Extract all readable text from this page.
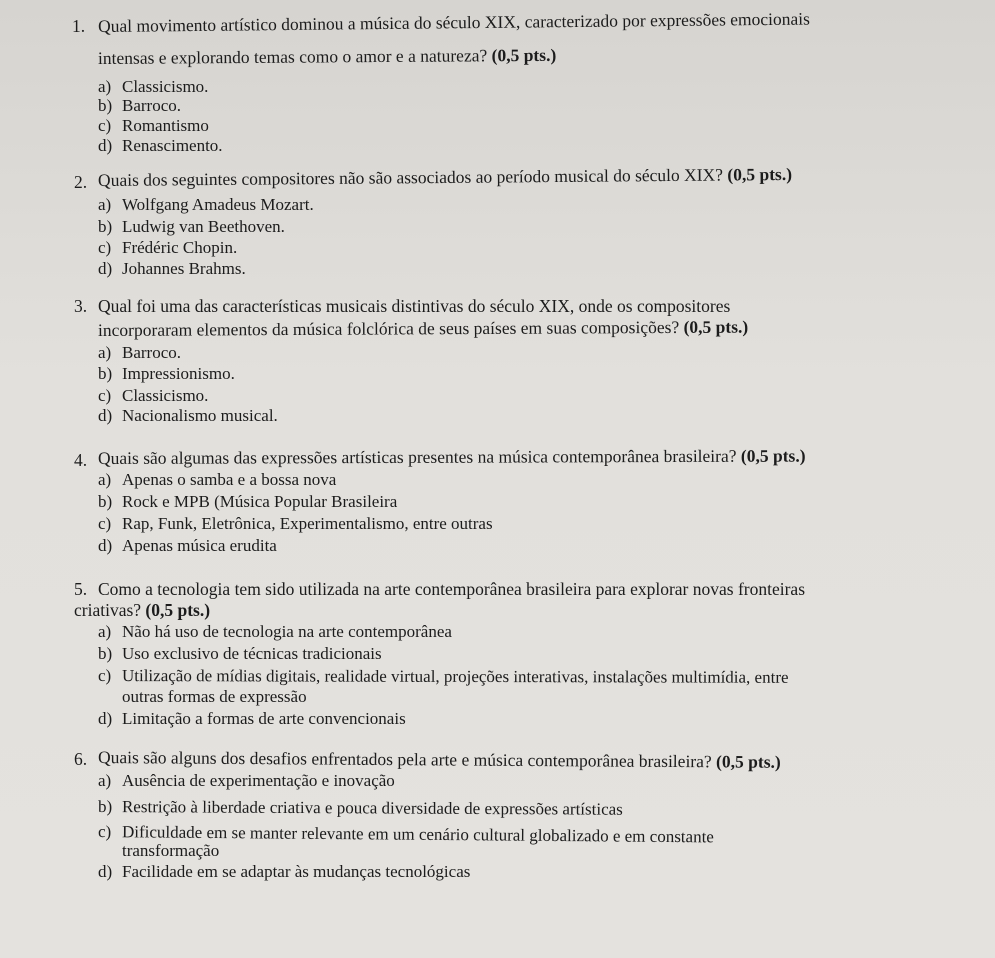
1. Qual movimento artístico dominou a música do século XIX, caracterizado por expressões emocionais
intensas e explorando temas como o amor e a natureza? (0,5 pts.)
a) Classicismo.
b) Barroco.
c) Romantismo
d) Renascimento.
2. Quais dos seguintes compositores não são associados ao período musical do século XIX? (0,5 pts.)
a) Wolfgang Amadeus Mozart.
b) Ludwig van Beethoven.
c) Frédéric Chopin.
d) Johannes Brahms.
3. Qual foi uma das características musicais distintivas do século XIX, onde os compositores
incorporaram elementos da música folclórica de seus países em suas composições? (0,5 pts.)
a) Barroco.
b) Impressionismo.
c) Classicismo.
d) Nacionalismo musical.
4. Quais são algumas das expressões artísticas presentes na música contemporânea brasileira? (0,5 pts.)
a) Apenas o samba e a bossa nova
b) Rock e MPB (Música Popular Brasileira
c) Rap, Funk, Eletrônica, Experimentalismo, entre outras
d) Apenas música erudita
5. Como a tecnologia tem sido utilizada na arte contemporânea brasileira para explorar novas fronteiras
criativas? (0,5 pts.)
a) Não há uso de tecnologia na arte contemporânea
b) Uso exclusivo de técnicas tradicionais
c) Utilização de mídias digitais, realidade virtual, projeções interativas, instalações multimídia, entre
outras formas de expressão
d) Limitação a formas de arte convencionais
6. Quais são alguns dos desafios enfrentados pela arte e música contemporânea brasileira? (0,5 pts.)
a) Ausência de experimentação e inovação
b) Restrição à liberdade criativa e pouca diversidade de expressões artísticas
c) Dificuldade em se manter relevante em um cenário cultural globalizado e em constante
transformação
d) Facilidade em se adaptar às mudanças tecnológicas
